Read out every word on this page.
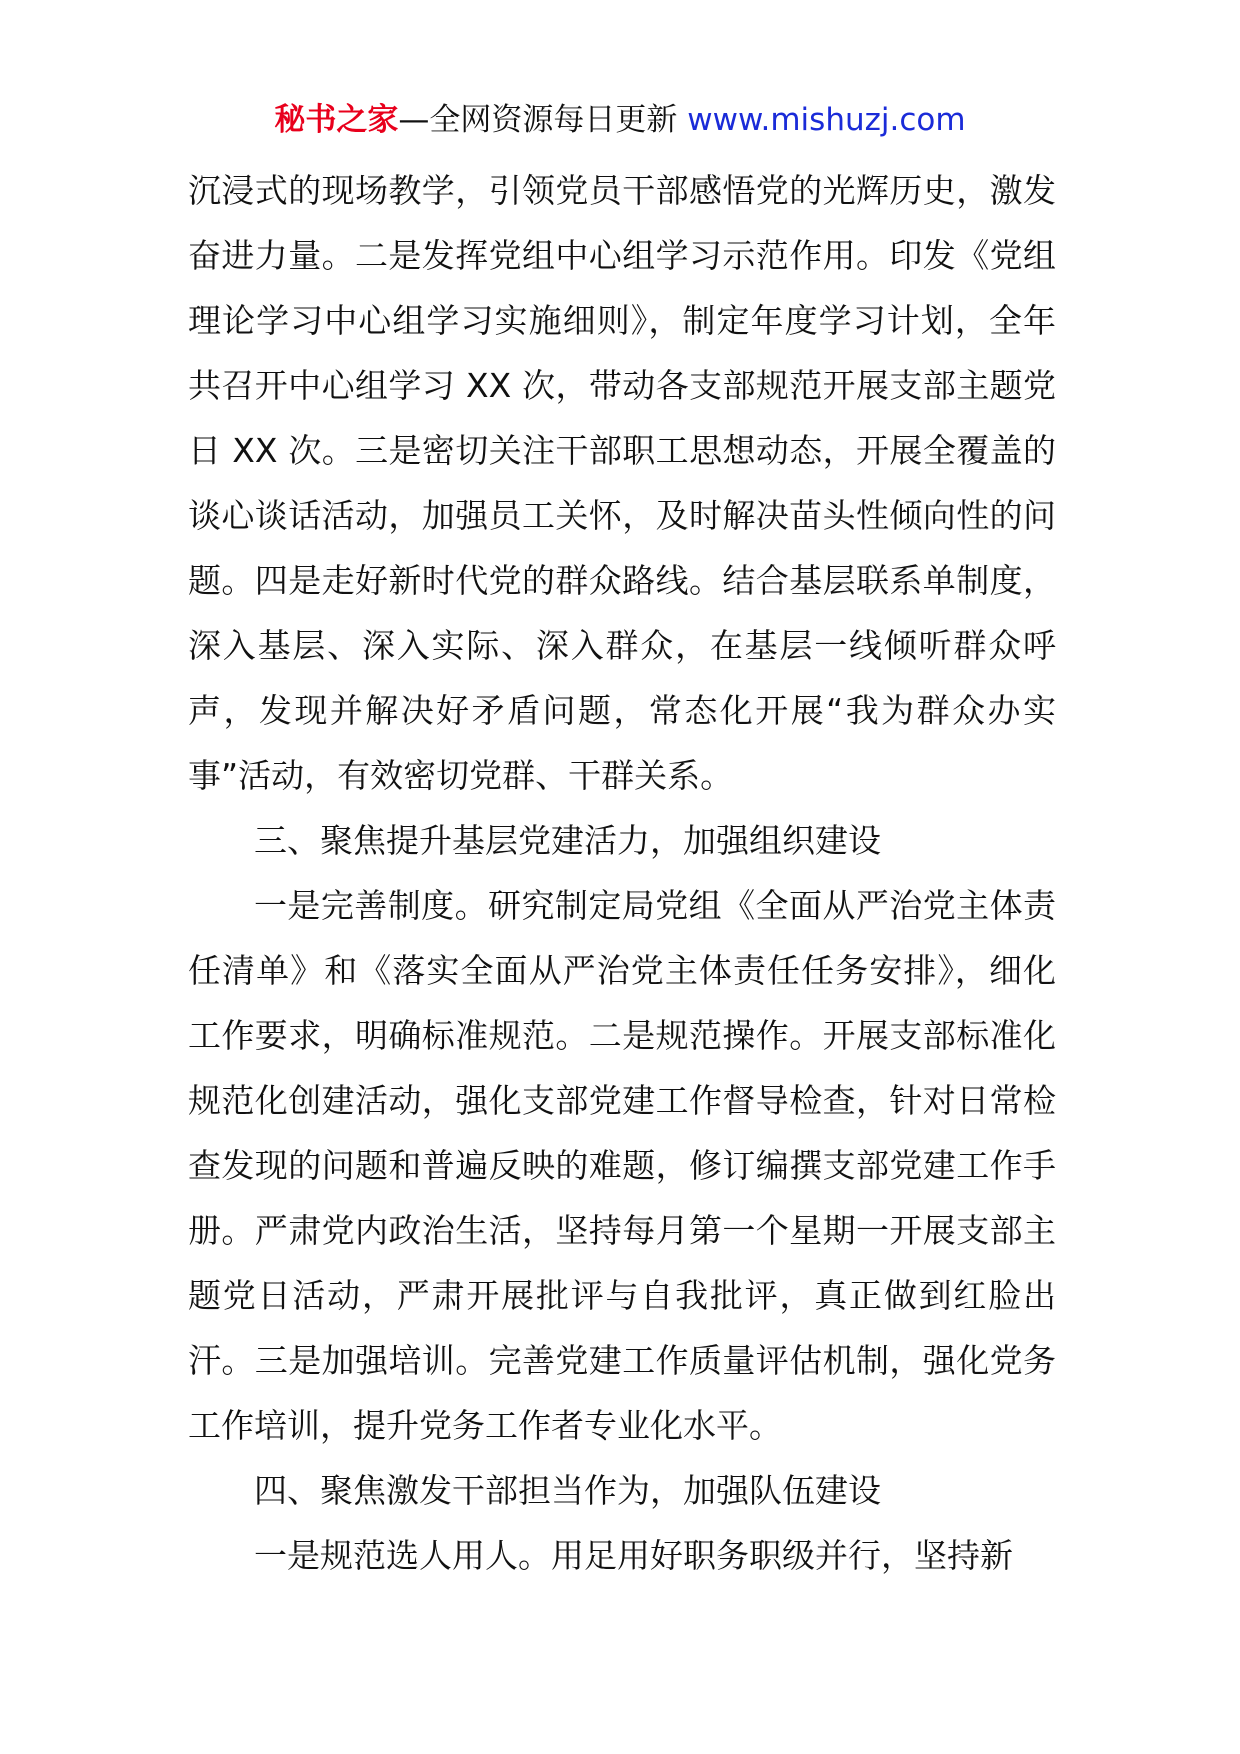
秘书之家—全网资源每日更新 www.mishuzj.com

沉浸式的现场教学，引领党员干部感悟党的光辉历史，激发奋进力量。二是发挥党组中心组学习示范作用。印发《党组理论学习中心组学习实施细则》，制定年度学习计划，全年共召开中心组学习 XX 次，带动各支部规范开展支部主题党日 XX 次。三是密切关注干部职工思想动态，开展全覆盖的谈心谈话活动，加强员工关怀，及时解决苗头性倾向性的问题。四是走好新时代党的群众路线。结合基层联系单制度，深入基层、深入实际、深入群众，在基层一线倾听群众呼声，发现并解决好矛盾问题，常态化开展“我为群众办实事”活动，有效密切党群、干群关系。

三、聚焦提升基层党建活力，加强组织建设

一是完善制度。研究制定局党组《全面从严治党主体责任清单》和《落实全面从严治党主体责任任务安排》，细化工作要求，明确标准规范。二是规范操作。开展支部标准化规范化创建活动，强化支部党建工作督导检查，针对日常检查发现的问题和普遍反映的难题，修订编撰支部党建工作手册。严肃党内政治生活，坚持每月第一个星期一开展支部主题党日活动，严肃开展批评与自我批评，真正做到红脸出汗。三是加强培训。完善党建工作质量评估机制，强化党务工作培训，提升党务工作者专业化水平。

四、聚焦激发干部担当作为，加强队伍建设

一是规范选人用人。用足用好职务职级并行，坚持新
